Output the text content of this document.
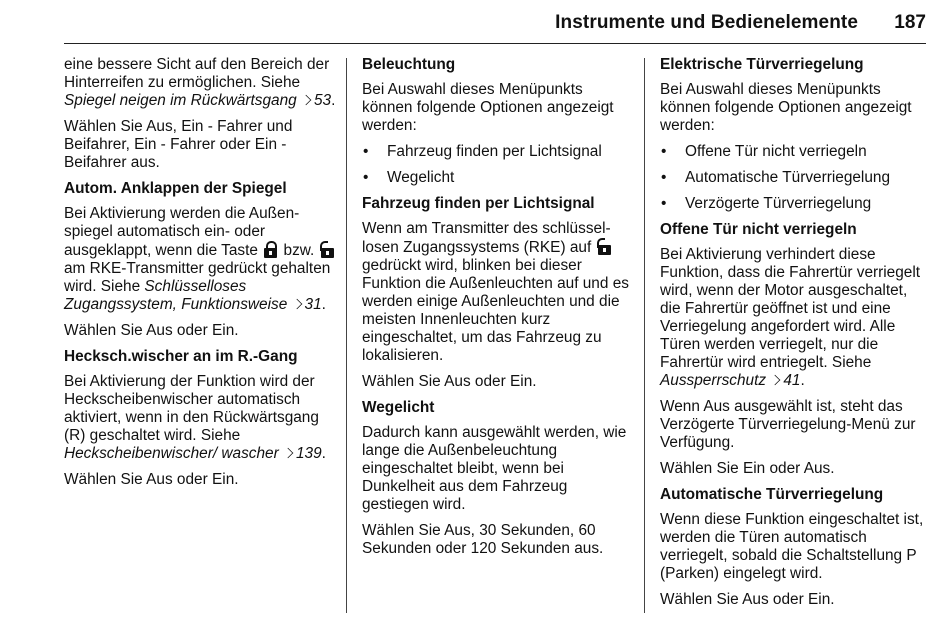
Instrumente und Bedienelemente 187

eine bessere Sicht auf den Bereich der Hinterreifen zu ermöglichen. Siehe Spiegel neigen im Rückwärtsgang 53.

Wählen Sie Aus, Ein - Fahrer und Beifahrer, Ein - Fahrer oder Ein - Beifahrer aus.

Autom. Anklappen der Spiegel

Bei Aktivierung werden die Außenspiegel automatisch ein- oder ausgeklappt, wenn die Taste bzw.
am RKE-Transmitter gedrückt gehalten wird. Siehe Schlüsselloses Zugangssystem, Funktionsweise 31.

Wählen Sie Aus oder Ein.

Hecksch.wischer an im R.-Gang

Bei Aktivierung der Funktion wird der Heckscheibenwischer automatisch aktiviert, wenn in den Rückwärtsgang (R) geschaltet wird. Siehe Heckscheibenwischer/ wascher 139.

Wählen Sie Aus oder Ein.

Beleuchtung

Bei Auswahl dieses Menüpunkts können folgende Optionen angezeigt werden:

• Fahrzeug finden per Lichtsignal
• Wegelicht
Fahrzeug finden per Lichtsignal

Wenn am Transmitter des schlüssellosen Zugangssystems (RKE) auf
gedrückt wird, blinken bei dieser Funktion die Außenleuchten auf und es werden einige Außenleuchten und die meisten Innenleuchten kurz eingeschaltet, um das Fahrzeug zu lokalisieren.

Wählen Sie Aus oder Ein.

Wegelicht

Dadurch kann ausgewählt werden, wie lange die Außenbeleuchtung eingeschaltet bleibt, wenn bei Dunkelheit aus dem Fahrzeug gestiegen wird.

Wählen Sie Aus, 30 Sekunden, 60 Sekunden oder 120 Sekunden aus.

Elektrische Türverriegelung

Bei Auswahl dieses Menüpunkts können folgende Optionen angezeigt werden:

• Offene Tür nicht verriegeln
• Automatische Türverriegelung
• Verzögerte Türverriegelung
Offene Tür nicht verriegeln

Bei Aktivierung verhindert diese Funktion, dass die Fahrertür verriegelt wird, wenn der Motor ausgeschaltet, die Fahrertür geöffnet ist und eine Verriegelung angefordert wird. Alle Türen werden verriegelt, nur die Fahrertür wird entriegelt. Siehe Aussperrschutz 41.

Wenn Aus ausgewählt ist, steht das Verzögerte Türverriegelung-Menü zur Verfügung.

Wählen Sie Ein oder Aus.

Automatische Türverriegelung

Wenn diese Funktion eingeschaltet ist, werden die Türen automatisch verriegelt, sobald die Schaltstellung P (Parken) eingelegt wird.

Wählen Sie Aus oder Ein.
